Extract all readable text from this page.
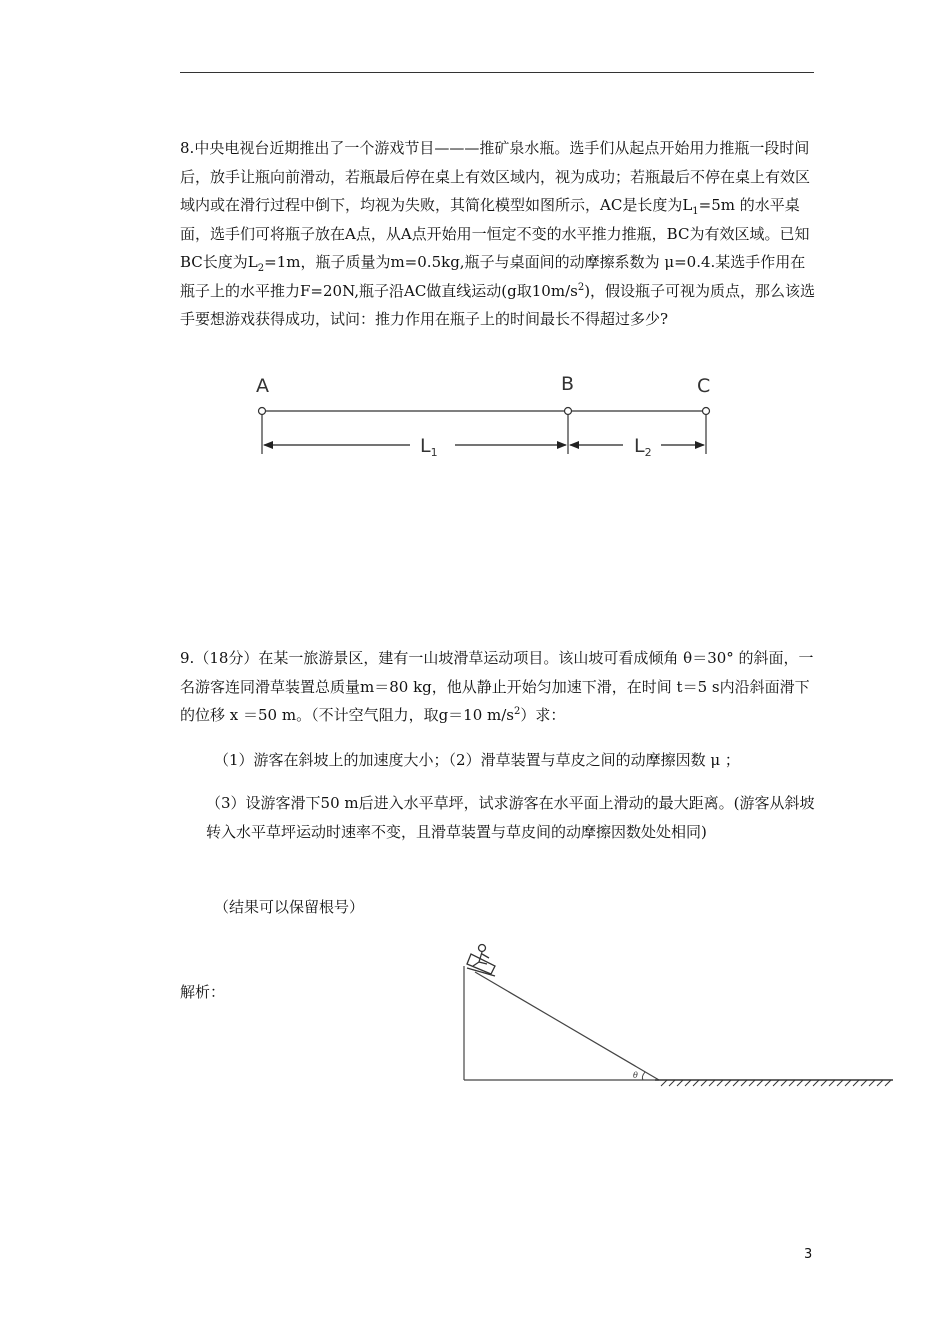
8.中央电视台近期推出了一个游戏节目———推矿泉水瓶。选手们从起点开始用力推瓶一段时间后，放手让瓶向前滑动，若瓶最后停在桌上有效区域内，视为成功；若瓶最后不停在桌上有效区域内或在滑行过程中倒下，均视为失败，其简化模型如图所示，AC是长度为$L_1=5m$ 的水平桌面，选手们可将瓶子放在A点，从A点开始用一恒定不变的水平推力推瓶，BC为有效区域。已知BC长度为$L_2=1m$，瓶子质量为m=0.5kg,瓶子与桌面间的动摩擦系数为 μ=0.4.某选手作用在瓶子上的水平推力F=20N,瓶子沿AC做直线运动(g取$10m/s^2$)，假设瓶子可视为质点，那么该选手要想游戏获得成功，试问：推力作用在瓶子上的时间最长不得超过多少?

A	B	C
$L_1$	$L_2$

9.（18分）在某一旅游景区，建有一山坡滑草运动项目。该山坡可看成倾角 θ＝30° 的斜面，一名游客连同滑草装置总质量m＝80 kg，他从静止开始匀加速下滑，在时间 t＝5 s内沿斜面滑下的位移 x ＝50 m。（不计空气阻力，取g＝10 $m/s^2$）求：

（1）游客在斜坡上的加速度大小；（2）滑草装置与草皮之间的动摩擦因数 μ ；

（3）设游客滑下50 m后进入水平草坪，试求游客在水平面上滑动的最大距离。(游客从斜坡转入水平草坪运动时速率不变，且滑草装置与草皮间的动摩擦因数处处相同)

（结果可以保留根号）

解析：

θ
3
